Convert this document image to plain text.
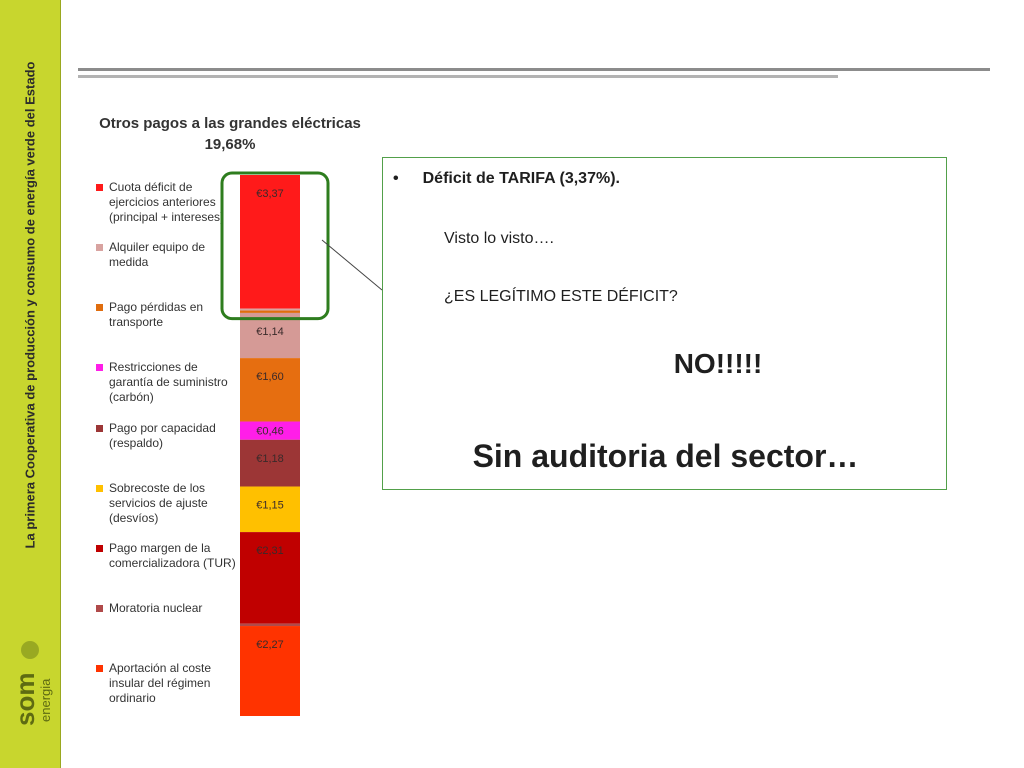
La primera Cooperativa de producción y consumo de energía verde del Estado
som
energia
Otros pagos a las grandes eléctricas
19,68%
Cuota déficit de
ejercicios anteriores
(principal + intereses)
Alquiler equipo de
medida
Pago pérdidas en
transporte
Restricciones de
garantía de suministro
(carbón)
Pago por capacidad
(respaldo)
Sobrecoste de los
servicios de ajuste
(desvíos)
Pago margen de la
comercializadora (TUR)
Moratoria nuclear
Aportación al coste
insular del régimen
ordinario
€3,37
€1,14
€1,60
€0,46
€1,18
€1,15
€2,31
€2,27
• Déficit de TARIFA (3,37%).
Visto lo visto….
¿ES LEGÍTIMO ESTE DÉFICIT?
NO!!!!!
Sin auditoria del sector…
